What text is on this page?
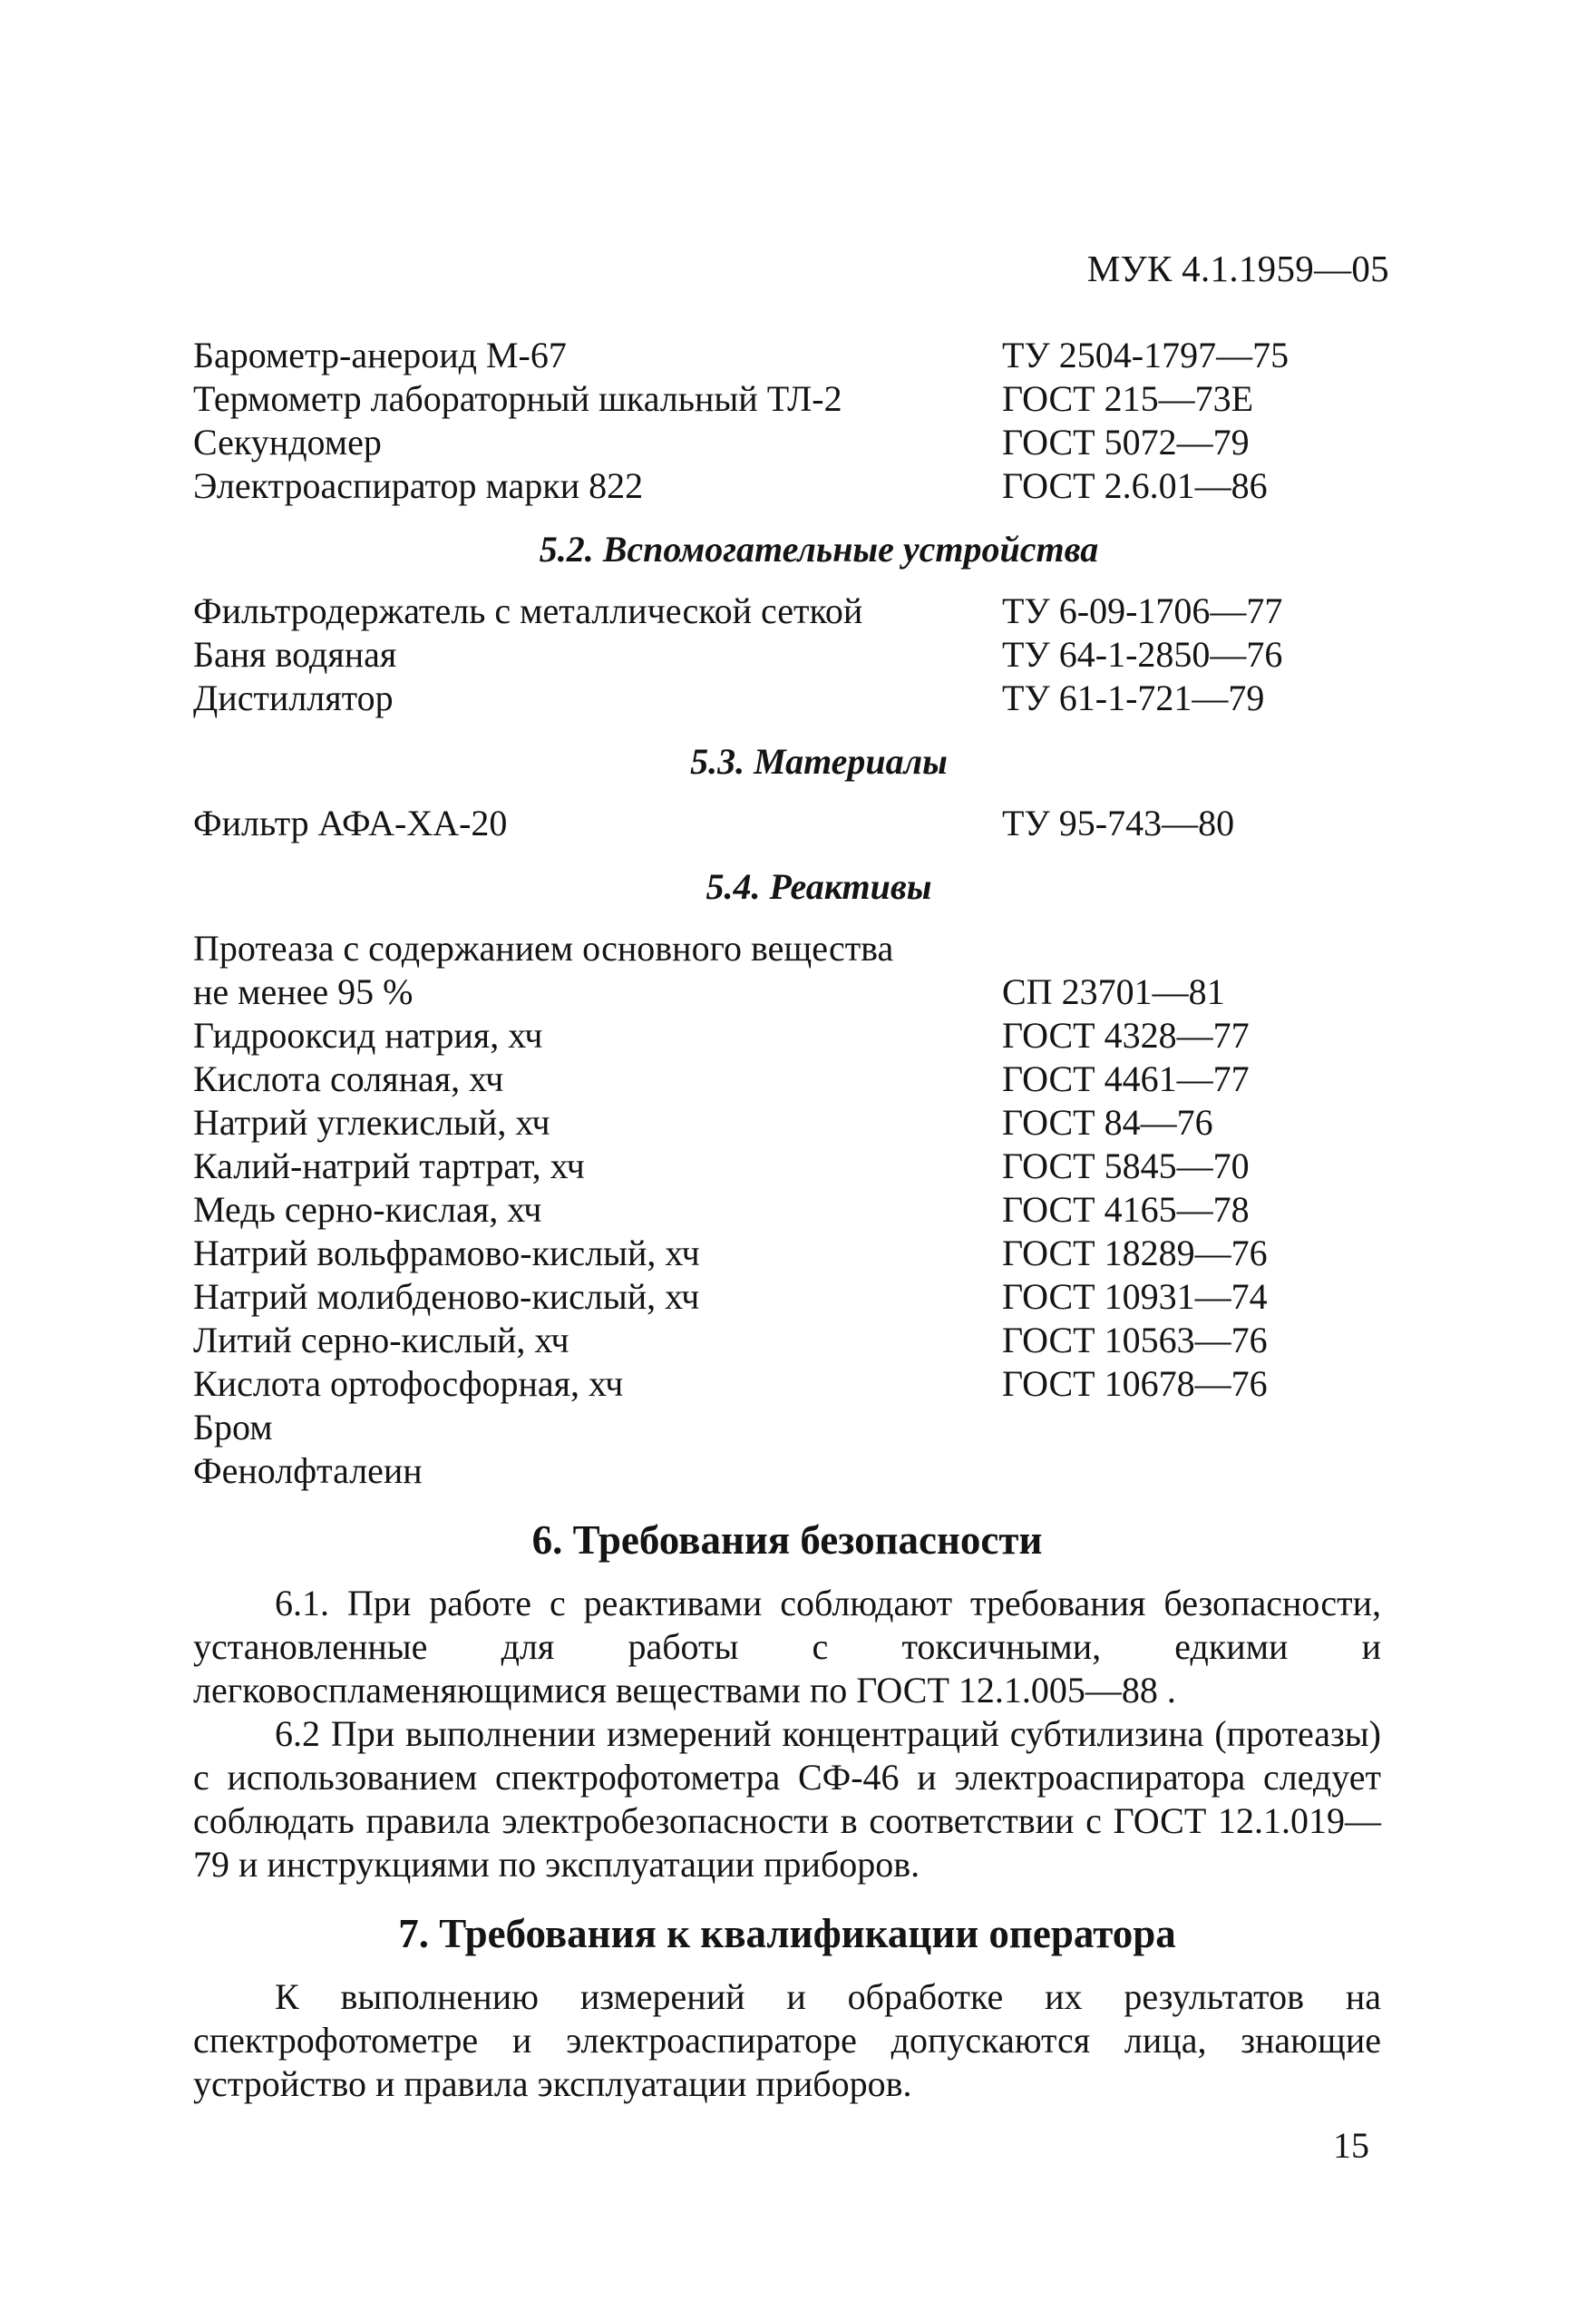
МУК 4.1.1959—05
Барометр-анероид М-67	ТУ 2504-1797—75
Термометр лабораторный шкальный ТЛ-2	ГОСТ 215—73Е
Секундомер	ГОСТ 5072—79
Электроаспиратор марки 822	ГОСТ 2.6.01—86
5.2. Вспомогательные устройства
Фильтродержатель с металлической сеткой	ТУ 6-09-1706—77
Баня водяная	ТУ 64-1-2850—76
Дистиллятор	ТУ 61-1-721—79
5.3. Материалы
Фильтр АФА-ХА-20	ТУ 95-743—80
5.4. Реактивы
Протеаза с содержанием основного вещества
не менее 95 %	СП 23701—81
Гидрооксид натрия, хч	ГОСТ 4328—77
Кислота соляная, хч	ГОСТ 4461—77
Натрий углекислый, хч	ГОСТ 84—76
Калий-натрий тартрат, хч	ГОСТ 5845—70
Медь серно-кислая, хч	ГОСТ 4165—78
Натрий вольфрамово-кислый, хч	ГОСТ 18289—76
Натрий молибденово-кислый, хч	ГОСТ 10931—74
Литий серно-кислый, хч	ГОСТ 10563—76
Кислота ортофосфорная, хч	ГОСТ 10678—76
Бром
Фенолфталеин
6. Требования безопасности

6.1. При работе с реактивами соблюдают требования безопасности, установленные для работы с токсичными, едкими и легковоспламеняющимися веществами по ГОСТ 12.1.005—88 .

6.2 При выполнении измерений концентраций субтилизина (протеазы) с использованием спектрофотометра СФ-46 и электроаспиратора следует соблюдать правила электробезопасности в соответствии с ГОСТ 12.1.019—79 и инструкциями по эксплуатации приборов.

7. Требования к квалификации оператора

К выполнению измерений и обработке их результатов на спектрофотометре и электроаспираторе допускаются лица, знающие устройство и правила эксплуатации приборов.

15
